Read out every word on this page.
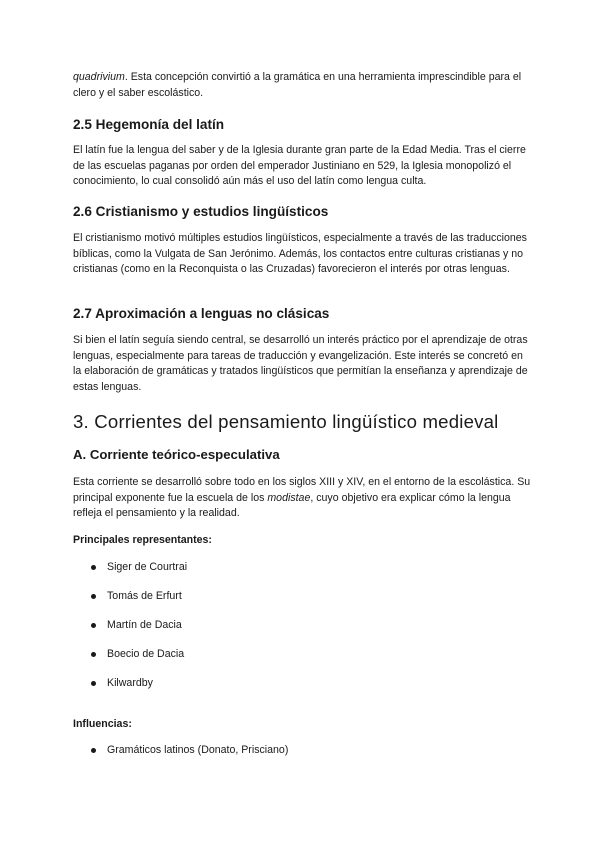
quadrivium. Esta concepción convirtió a la gramática en una herramienta imprescindible para el clero y el saber escolástico.

2.5 Hegemonía del latín

El latín fue la lengua del saber y de la Iglesia durante gran parte de la Edad Media. Tras el cierre de las escuelas paganas por orden del emperador Justiniano en 529, la Iglesia monopolizó el conocimiento, lo cual consolidó aún más el uso del latín como lengua culta.

2.6 Cristianismo y estudios lingüísticos

El cristianismo motivó múltiples estudios lingüísticos, especialmente a través de las traducciones bíblicas, como la Vulgata de San Jerónimo. Además, los contactos entre culturas cristianas y no cristianas (como en la Reconquista o las Cruzadas) favorecieron el interés por otras lenguas.

2.7 Aproximación a lenguas no clásicas

Si bien el latín seguía siendo central, se desarrolló un interés práctico por el aprendizaje de otras lenguas, especialmente para tareas de traducción y evangelización. Este interés se concretó en la elaboración de gramáticas y tratados lingüísticos que permitían la enseñanza y aprendizaje de estas lenguas.

3. Corrientes del pensamiento lingüístico medieval
A. Corriente teórico-especulativa

Esta corriente se desarrolló sobre todo en los siglos XIII y XIV, en el entorno de la escolástica. Su principal exponente fue la escuela de los modistae, cuyo objetivo era explicar cómo la lengua refleja el pensamiento y la realidad.

Principales representantes:

Siger de Courtrai
Tomás de Erfurt
Martín de Dacia
Boecio de Dacia
Kilwardby

Influencias:

Gramáticos latinos (Donato, Prisciano)
